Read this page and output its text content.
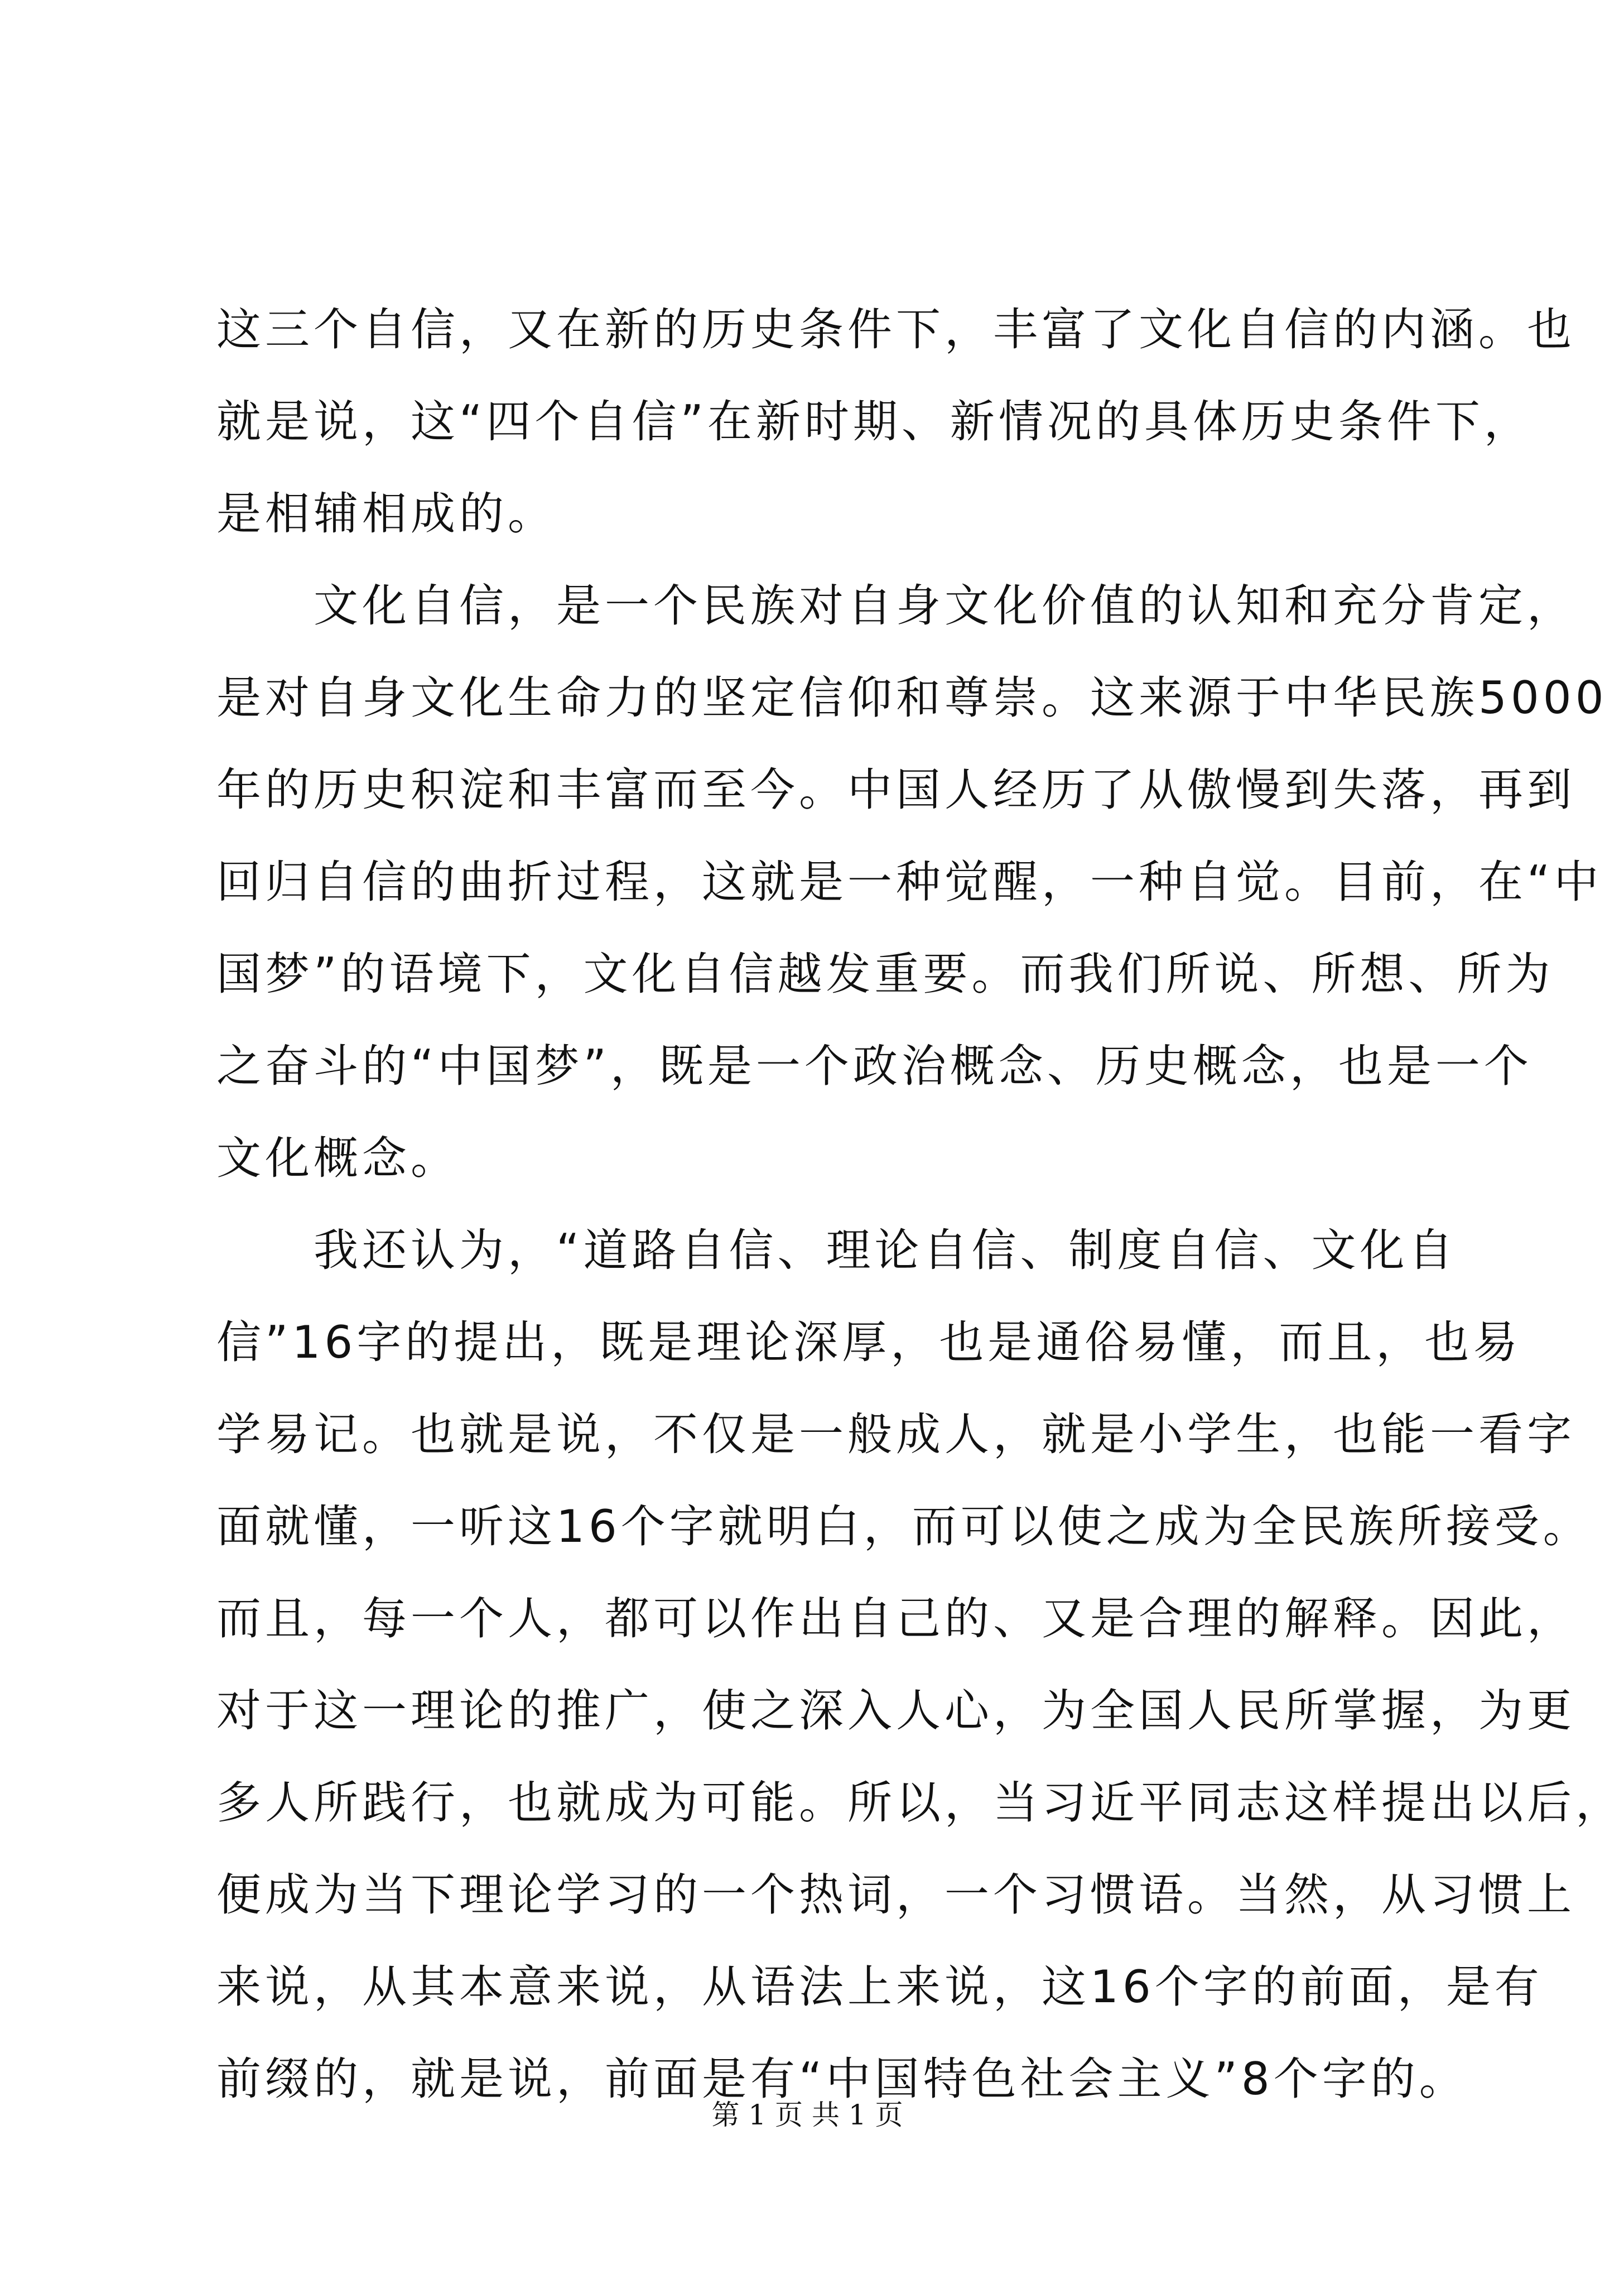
这三个自信，又在新的历史条件下，丰富了文化自信的内涵。也
就是说，这“四个自信”在新时期、新情况的具体历史条件下，
是相辅相成的。
　　文化自信，是一个民族对自身文化价值的认知和充分肯定，
是对自身文化生命力的坚定信仰和尊崇。这来源于中华民族5000
年的历史积淀和丰富而至今。中国人经历了从傲慢到失落，再到
回归自信的曲折过程，这就是一种觉醒，一种自觉。目前，在“中
国梦”的语境下，文化自信越发重要。而我们所说、所想、所为
之奋斗的“中国梦”，既是一个政治概念、历史概念，也是一个
文化概念。
　　我还认为，“道路自信、理论自信、制度自信、文化自
信”16字的提出，既是理论深厚，也是通俗易懂，而且，也易
学易记。也就是说，不仅是一般成人，就是小学生，也能一看字
面就懂，一听这16个字就明白，而可以使之成为全民族所接受。
而且，每一个人，都可以作出自己的、又是合理的解释。因此，
对于这一理论的推广，使之深入人心，为全国人民所掌握，为更
多人所践行，也就成为可能。所以，当习近平同志这样提出以后，
便成为当下理论学习的一个热词，一个习惯语。当然，从习惯上
来说，从其本意来说，从语法上来说，这16个字的前面，是有
前缀的，就是说，前面是有“中国特色社会主义”8个字的。
第 1 页 共 1 页
